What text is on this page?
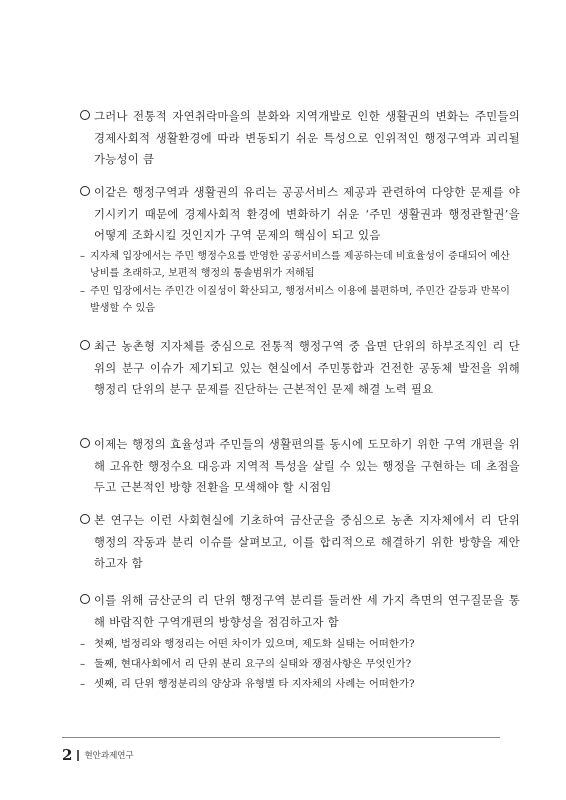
그러나 전통적 자연취락마을의 분화와 지역개발로 인한 생활권의 변화는 주민들의 경제사회적 생활환경에 따라 변동되기 쉬운 특성으로 인위적인 행정구역과 괴리될 가능성이 큼
이같은 행정구역과 생활권의 유리는 공공서비스 제공과 관련하여 다양한 문제를 야기시키기 때문에 경제사회적 환경에 변화하기 쉬운 ‘주민 생활권과 행정관할권’을 어떻게 조화시킬 것인지가 구역 문제의 핵심이 되고 있음
– 지자체 입장에서는 주민 행정수요를 반영한 공공서비스를 제공하는데 비효율성이 증대되어 예산 낭비를 초래하고, 보편적 행정의 통솔범위가 저해됨
– 주민 입장에서는 주민간 이질성이 확산되고, 행정서비스 이용에 불편하며, 주민간 갈등과 반목이 발생할 수 있음
최근 농촌형 지자체를 중심으로 전통적 행정구역 중 읍면 단위의 하부조직인 리 단위의 분구 이슈가 제기되고 있는 현실에서 주민통합과 건전한 공동체 발전을 위해 행정리 단위의 분구 문제를 진단하는 근본적인 문제 해결 노력 필요
이제는 행정의 효율성과 주민들의 생활편의를 동시에 도모하기 위한 구역 개편을 위해 고유한 행정수요 대응과 지역적 특성을 살릴 수 있는 행정을 구현하는 데 초점을 두고 근본적인 방향 전환을 모색해야 할 시점임
본 연구는 이런 사회현실에 기초하여 금산군을 중심으로 농촌 지자체에서 리 단위 행정의 작동과 분리 이슈를 살펴보고, 이를 합리적으로 해결하기 위한 방향을 제안하고자 함
이를 위해 금산군의 리 단위 행정구역 분리를 둘러싼 세 가지 측면의 연구질문을 통해 바람직한 구역개편의 방향성을 점검하고자 함
– 첫째, 법정리와 행정리는 어떤 차이가 있으며, 제도화 실태는 어떠한가?
– 둘째, 현대사회에서 리 단위 분리 요구의 실태와 쟁점사항은 무엇인가?
– 셋째, 리 단위 행정분리의 양상과 유형별 타 지자체의 사례는 어떠한가?
2 현안과제연구
